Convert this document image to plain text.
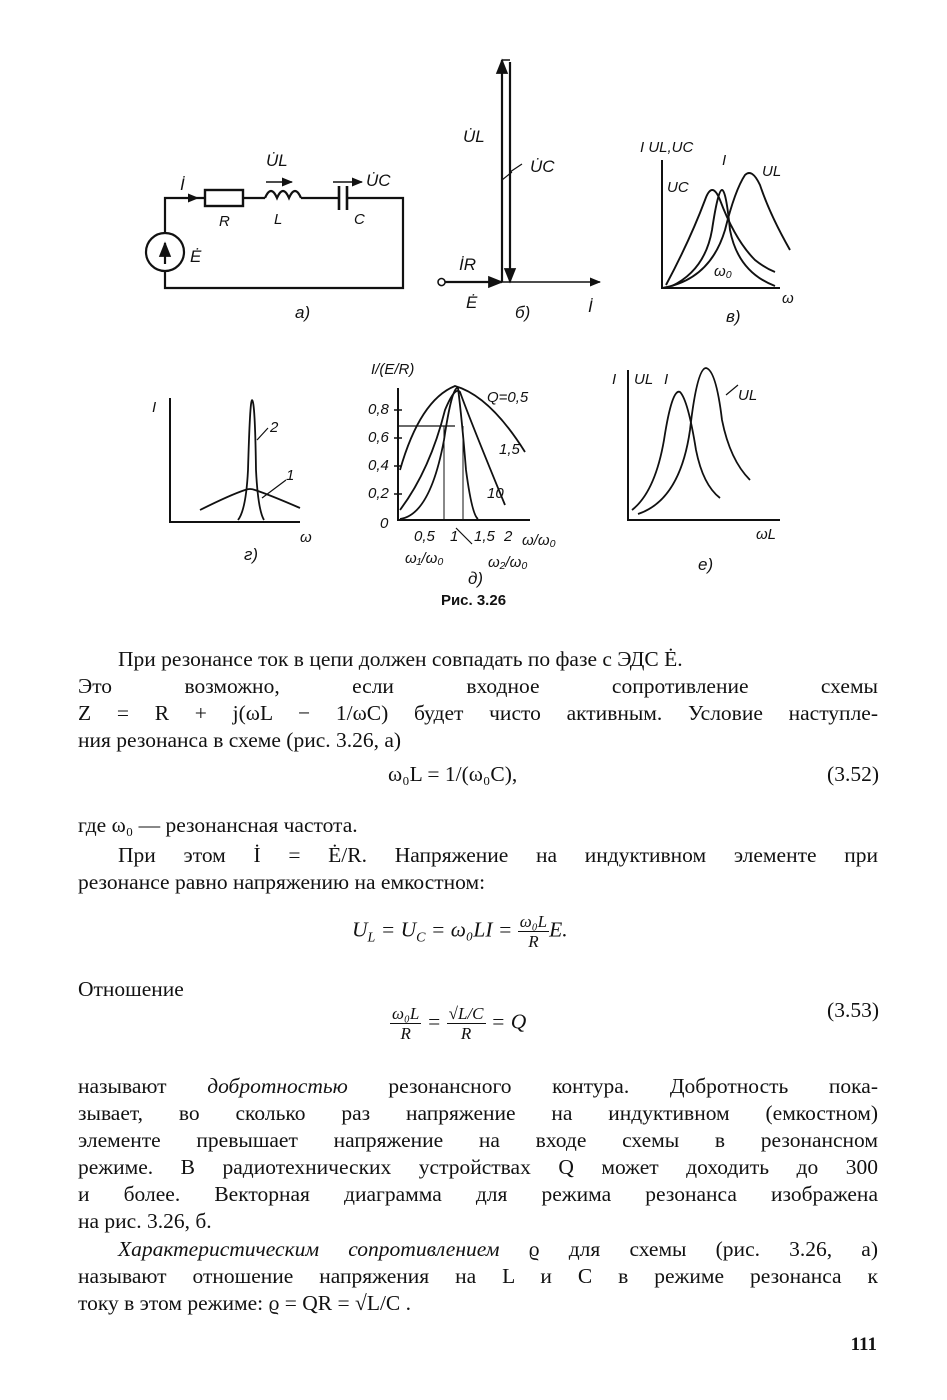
İ
U̇L
U̇C
R	L	C
Ė
a)
U̇L
U̇C
İR
Ė	İ
б)
I UL,UC
UC
I
UL
ω₀
ω
в)
I
2
1
ω
г)
I/(E/R)
Q=0,5
1,5
10
0,8
0,6
0,4
0,2
0
0,5 1 1,5 2 ω/ω₀
ω₁/ω₀	ω₂/ω₀
д)
I UL I
UL
ωL
е)
Рис. 3.26
При резонансе ток в цепи должен совпадать по фазе с ЭДС Ė.
Это возможно, если входное сопротивление схемы
Z = R + j(ωL − 1/ωC) будет чисто активным. Условие наступле-
ния резонанса в схеме (рис. 3.26, a)
ω₀L = 1/(ω₀C),	(3.52)
где ω₀ — резонансная частота.
При этом İ = Ė/R. Напряжение на индуктивном элементе при
резонансе равно напряжению на емкостном:
$U_L = U_C = \omega_0LI = \frac{\text{ω₀L}}{R} E$.
Отношение
$\frac{\text{ω₀L}}{R} = \frac{√L/C}{R} = Q$	(3.53)
называют добротностью резонансного контура. Добротность пока-
зывает, во сколько раз напряжение на индуктивном (емкостном)
элементе превышает напряжение на входе схемы в резонансном
режиме. В радиотехнических устройствах Q может доходить до 300
и более. Векторная диаграмма для режима резонанса изображена
на рис. 3.26, б.
Характеристическим сопротивлением ϱ для схемы (рис. 3.26, a)
называют отношение напряжения на L и C в режиме резонанса к
току в этом режиме: ϱ = QR = √L/C .
111
